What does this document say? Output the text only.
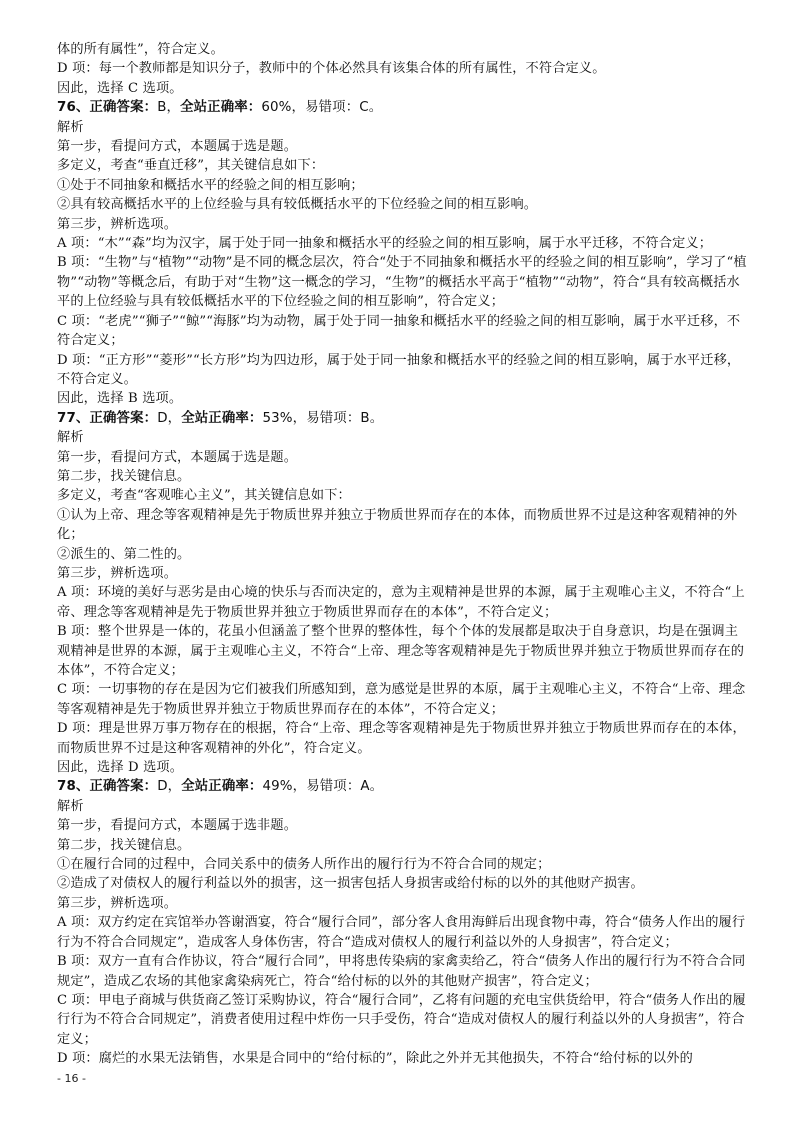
体的所有属性”，符合定义。

D 项：每一个教师都是知识分子，教师中的个体必然具有该集合体的所有属性，不符合定义。

因此，选择 C 选项。

76、正确答案：B，全站正确率：60%，易错项：C。

解析

第一步，看提问方式，本题属于选是题。

多定义，考查“垂直迁移”，其关键信息如下：

①处于不同抽象和概括水平的经验之间的相互影响；

②具有较高概括水平的上位经验与具有较低概括水平的下位经验之间的相互影响。

第三步，辨析选项。

A 项：“木”“森”均为汉字，属于处于同一抽象和概括水平的经验之间的相互影响，属于水平迁移，不符合定义；

B 项：“生物”与“植物”“动物”是不同的概念层次，符合“处于不同抽象和概括水平的经验之间的相互影响”，学习了“植物”“动物”等概念后，有助于对“生物”这一概念的学习，“生物”的概括水平高于“植物”“动物”，符合“具有较高概括水平的上位经验与具有较低概括水平的下位经验之间的相互影响”，符合定义；

C 项：“老虎”“狮子”“鲸”“海豚”均为动物，属于处于同一抽象和概括水平的经验之间的相互影响，属于水平迁移，不符合定义；

D 项：“正方形”“菱形”“长方形”均为四边形，属于处于同一抽象和概括水平的经验之间的相互影响，属于水平迁移，不符合定义。

因此，选择 B 选项。

77、正确答案：D，全站正确率：53%，易错项：B。

解析

第一步，看提问方式，本题属于选是题。

第二步，找关键信息。

多定义，考查“客观唯心主义”，其关键信息如下：

①认为上帝、理念等客观精神是先于物质世界并独立于物质世界而存在的本体，而物质世界不过是这种客观精神的外化；

②派生的、第二性的。

第三步，辨析选项。

A 项：环境的美好与恶劣是由心境的快乐与否而决定的，意为主观精神是世界的本源，属于主观唯心主义，不符合“上帝、理念等客观精神是先于物质世界并独立于物质世界而存在的本体”，不符合定义；

B 项：整个世界是一体的，花虽小但涵盖了整个世界的整体性，每个个体的发展都是取决于自身意识，均是在强调主观精神是世界的本源，属于主观唯心主义，不符合“上帝、理念等客观精神是先于物质世界并独立于物质世界而存在的本体”，不符合定义；

C 项：一切事物的存在是因为它们被我们所感知到，意为感觉是世界的本原，属于主观唯心主义，不符合“上帝、理念等客观精神是先于物质世界并独立于物质世界而存在的本体”，不符合定义；

D 项：理是世界万事万物存在的根据，符合“上帝、理念等客观精神是先于物质世界并独立于物质世界而存在的本体，而物质世界不过是这种客观精神的外化”，符合定义。

因此，选择 D 选项。

78、正确答案：D，全站正确率：49%，易错项：A。

解析

第一步，看提问方式，本题属于选非题。

第二步，找关键信息。

①在履行合同的过程中，合同关系中的债务人所作出的履行行为不符合合同的规定；

②造成了对债权人的履行利益以外的损害，这一损害包括人身损害或给付标的以外的其他财产损害。

第三步，辨析选项。

A 项：双方约定在宾馆举办答谢酒宴，符合“履行合同”，部分客人食用海鲜后出现食物中毒，符合“债务人作出的履行行为不符合合同规定”，造成客人身体伤害，符合“造成对债权人的履行利益以外的人身损害”，符合定义；

B 项：双方一直有合作协议，符合“履行合同”，甲将患传染病的家禽卖给乙，符合“债务人作出的履行行为不符合合同规定”，造成乙农场的其他家禽染病死亡，符合“给付标的以外的其他财产损害”，符合定义；

C 项：甲电子商城与供货商乙签订采购协议，符合“履行合同”，乙将有问题的充电宝供货给甲，符合“债务人作出的履行行为不符合合同规定”，消费者使用过程中炸伤一只手受伤，符合“造成对债权人的履行利益以外的人身损害”，符合定义；

D 项：腐烂的水果无法销售，水果是合同中的“给付标的”，除此之外并无其他损失，不符合“给付标的以外的

- 16 -
